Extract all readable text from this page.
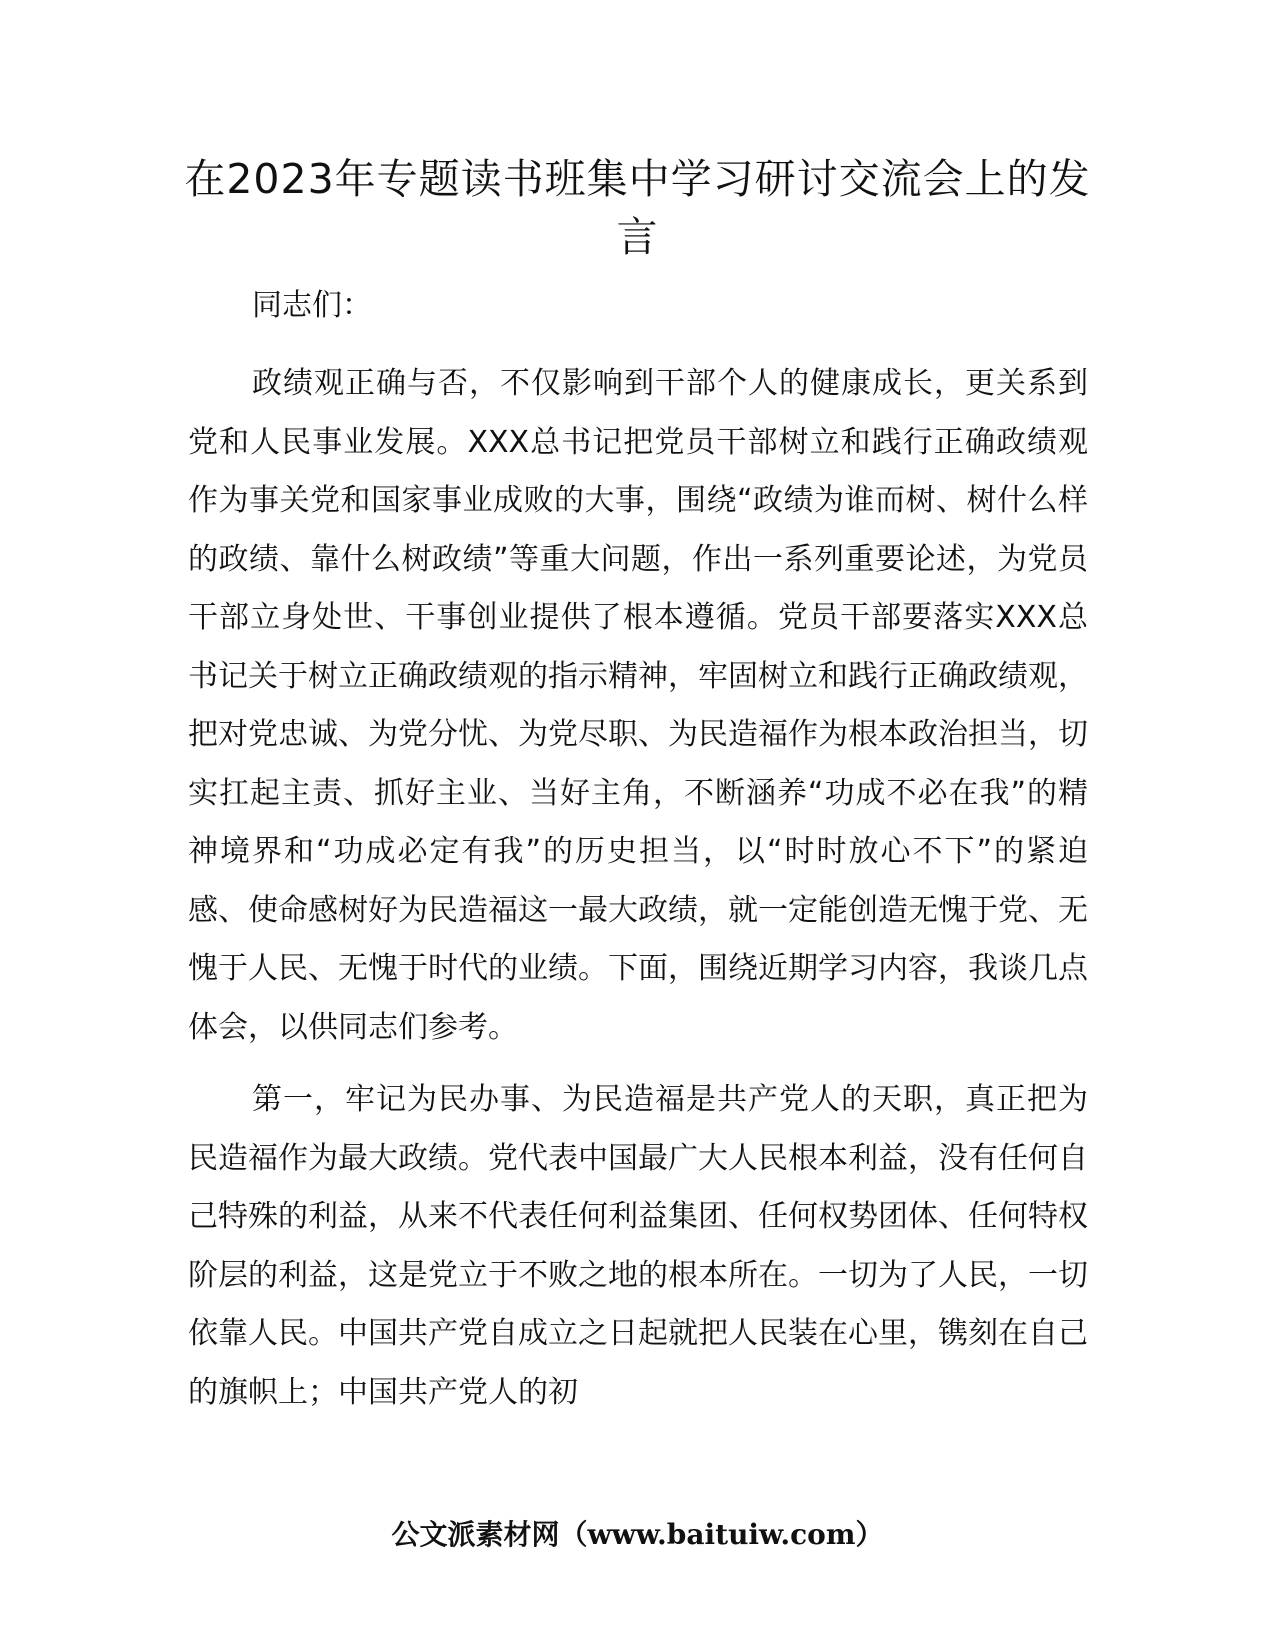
在2023年专题读书班集中学习研讨交流会上的发言

同志们：

政绩观正确与否，不仅影响到干部个人的健康成长，更关系到党和人民事业发展。XXX总书记把党员干部树立和践行正确政绩观作为事关党和国家事业成败的大事，围绕“政绩为谁而树、树什么样的政绩、靠什么树政绩”等重大问题，作出一系列重要论述，为党员干部立身处世、干事创业提供了根本遵循。党员干部要落实XXX总书记关于树立正确政绩观的指示精神，牢固树立和践行正确政绩观，把对党忠诚、为党分忧、为党尽职、为民造福作为根本政治担当，切实扛起主责、抓好主业、当好主角，不断涵养“功成不必在我”的精神境界和“功成必定有我”的历史担当，以“时时放心不下”的紧迫感、使命感树好为民造福这一最大政绩，就一定能创造无愧于党、无愧于人民、无愧于时代的业绩。下面，围绕近期学习内容，我谈几点体会，以供同志们参考。

第一，牢记为民办事、为民造福是共产党人的天职，真正把为民造福作为最大政绩。党代表中国最广大人民根本利益，没有任何自己特殊的利益，从来不代表任何利益集团、任何权势团体、任何特权阶层的利益，这是党立于不败之地的根本所在。一切为了人民，一切依靠人民。中国共产党自成立之日起就把人民装在心里，镌刻在自己的旗帜上；中国共产党人的初

公文派素材网（www.baituiw.com）
